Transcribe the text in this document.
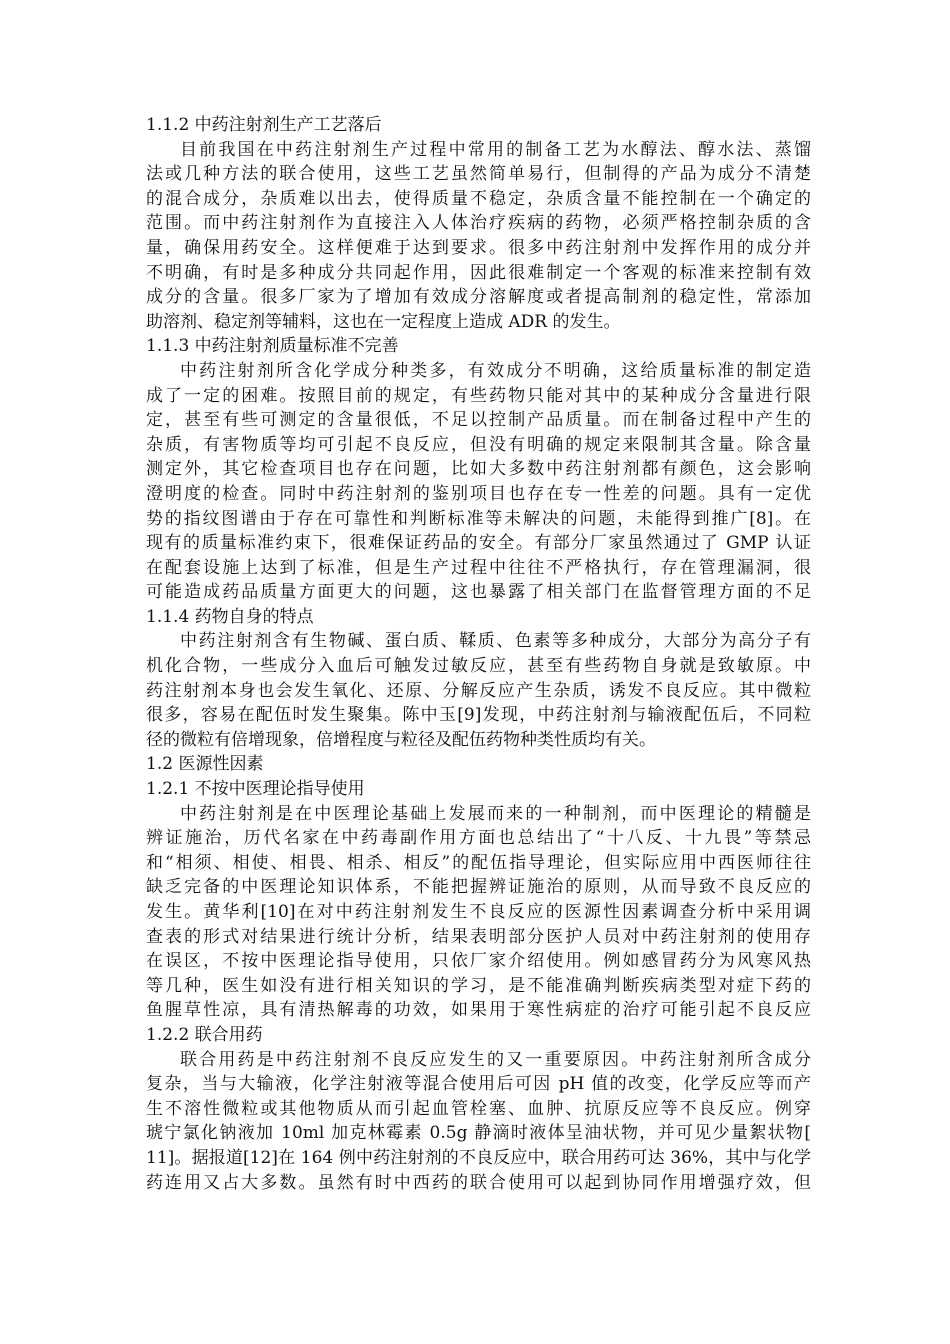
1.1.2 中药注射剂生产工艺落后
目前我国在中药注射剂生产过程中常用的制备工艺为水醇法、醇水法、蒸馏
法或几种方法的联合使用，这些工艺虽然简单易行，但制得的产品为成分不清楚
的混合成分，杂质难以出去，使得质量不稳定，杂质含量不能控制在一个确定的
范围。而中药注射剂作为直接注入人体治疗疾病的药物，必须严格控制杂质的含
量，确保用药安全。这样便难于达到要求。很多中药注射剂中发挥作用的成分并
不明确，有时是多种成分共同起作用，因此很难制定一个客观的标准来控制有效
成分的含量。很多厂家为了增加有效成分溶解度或者提高制剂的稳定性，常添加
助溶剂、稳定剂等辅料，这也在一定程度上造成 ADR 的发生。
1.1.3 中药注射剂质量标准不完善
中药注射剂所含化学成分种类多，有效成分不明确，这给质量标准的制定造
成了一定的困难。按照目前的规定，有些药物只能对其中的某种成分含量进行限
定，甚至有些可测定的含量很低，不足以控制产品质量。而在制备过程中产生的
杂质，有害物质等均可引起不良反应，但没有明确的规定来限制其含量。除含量
测定外，其它检查项目也存在问题，比如大多数中药注射剂都有颜色，这会影响
澄明度的检查。同时中药注射剂的鉴别项目也存在专一性差的问题。具有一定优
势的指纹图谱由于存在可靠性和判断标准等未解决的问题，未能得到推广[8]。在
现有的质量标准约束下，很难保证药品的安全。有部分厂家虽然通过了 GMP 认证
在配套设施上达到了标准，但是生产过程中往往不严格执行，存在管理漏洞，很
可能造成药品质量方面更大的问题，这也暴露了相关部门在监督管理方面的不足
1.1.4 药物自身的特点
中药注射剂含有生物碱、蛋白质、鞣质、色素等多种成分，大部分为高分子有
机化合物，一些成分入血后可触发过敏反应，甚至有些药物自身就是致敏原。中
药注射剂本身也会发生氧化、还原、分解反应产生杂质，诱发不良反应。其中微粒
很多，容易在配伍时发生聚集。陈中玉[9]发现，中药注射剂与输液配伍后，不同粒
径的微粒有倍增现象，倍增程度与粒径及配伍药物种类性质均有关。
1.2 医源性因素
1.2.1 不按中医理论指导使用
中药注射剂是在中医理论基础上发展而来的一种制剂，而中医理论的精髓是
辨证施治，历代名家在中药毒副作用方面也总结出了“十八反、十九畏”等禁忌
和“相须、相使、相畏、相杀、相反”的配伍指导理论，但实际应用中西医师往往
缺乏完备的中医理论知识体系，不能把握辨证施治的原则，从而导致不良反应的
发生。黄华利[10]在对中药注射剂发生不良反应的医源性因素调查分析中采用调
查表的形式对结果进行统计分析，结果表明部分医护人员对中药注射剂的使用存
在误区，不按中医理论指导使用，只依厂家介绍使用。例如感冒药分为风寒风热
等几种，医生如没有进行相关知识的学习，是不能准确判断疾病类型对症下药的
鱼腥草性凉，具有清热解毒的功效，如果用于寒性病症的治疗可能引起不良反应
1.2.2 联合用药
联合用药是中药注射剂不良反应发生的又一重要原因。中药注射剂所含成分
复杂，当与大输液，化学注射液等混合使用后可因 pH 值的改变，化学反应等而产
生不溶性微粒或其他物质从而引起血管栓塞、血肿、抗原反应等不良反应。例穿
琥宁氯化钠液加 10ml 加克林霉素 0.5g 静滴时液体呈油状物，并可见少量絮状物[
11]。据报道[12]在 164 例中药注射剂的不良反应中，联合用药可达 36%，其中与化学
药连用又占大多数。虽然有时中西药的联合使用可以起到协同作用增强疗效，但
